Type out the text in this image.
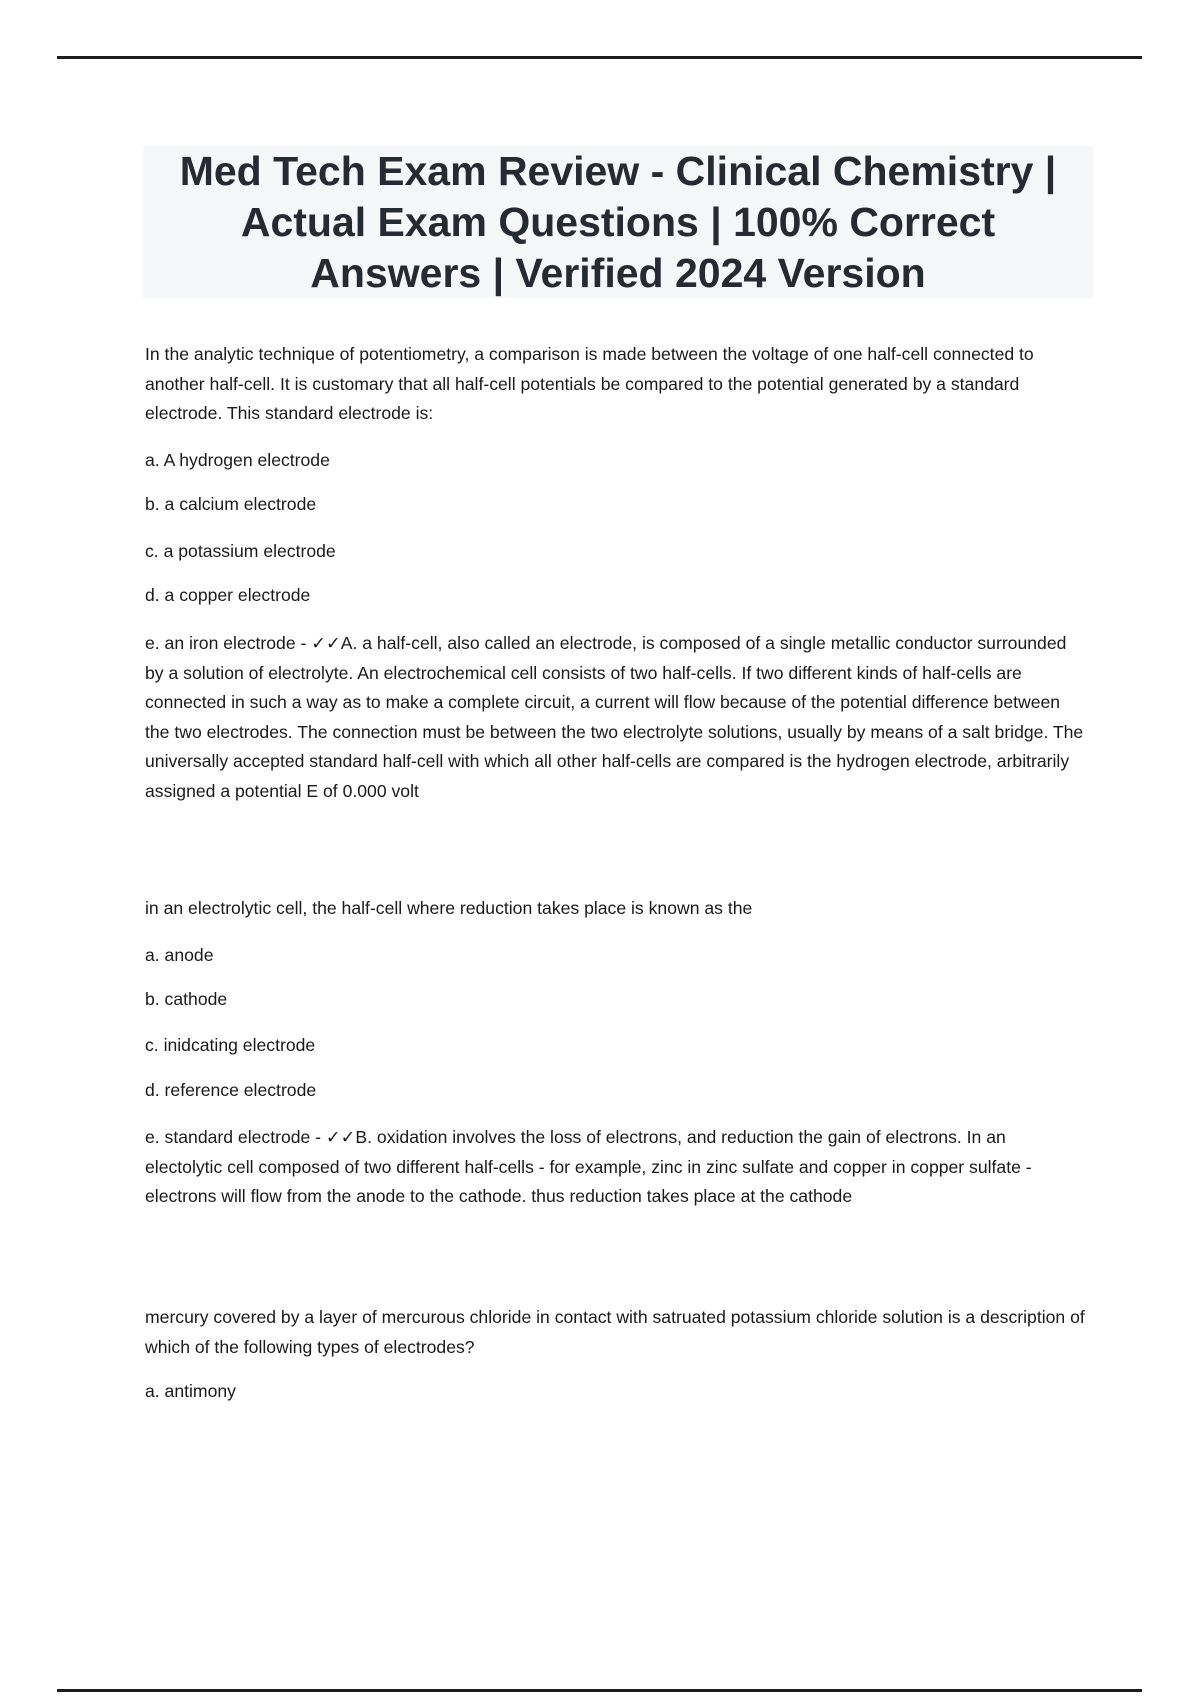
Med Tech Exam Review - Clinical Chemistry | Actual Exam Questions | 100% Correct Answers | Verified 2024 Version

In the analytic technique of potentiometry, a comparison is made between the voltage of one half-cell connected to another half-cell. It is customary that all half-cell potentials be compared to the potential generated by a standard electrode. This standard electrode is:

a. A hydrogen electrode

b. a calcium electrode

c. a potassium electrode

d. a copper electrode

e. an iron electrode - ✓✓A. a half-cell, also called an electrode, is composed of a single metallic conductor surrounded by a solution of electrolyte. An electrochemical cell consists of two half-cells. If two different kinds of half-cells are connected in such a way as to make a complete circuit, a current will flow because of the potential difference between the two electrodes. The connection must be between the two electrolyte solutions, usually by means of a salt bridge. The universally accepted standard half-cell with which all other half-cells are compared is the hydrogen electrode, arbitrarily assigned a potential E of 0.000 volt

in an electrolytic cell, the half-cell where reduction takes place is known as the

a. anode

b. cathode

c. inidcating electrode

d. reference electrode

e. standard electrode - ✓✓B. oxidation involves the loss of electrons, and reduction the gain of electrons. In an electolytic cell composed of two different half-cells - for example, zinc in zinc sulfate and copper in copper sulfate - electrons will flow from the anode to the cathode. thus reduction takes place at the cathode

mercury covered by a layer of mercurous chloride in contact with satruated potassium chloride solution is a description of which of the following types of electrodes?

a. antimony
